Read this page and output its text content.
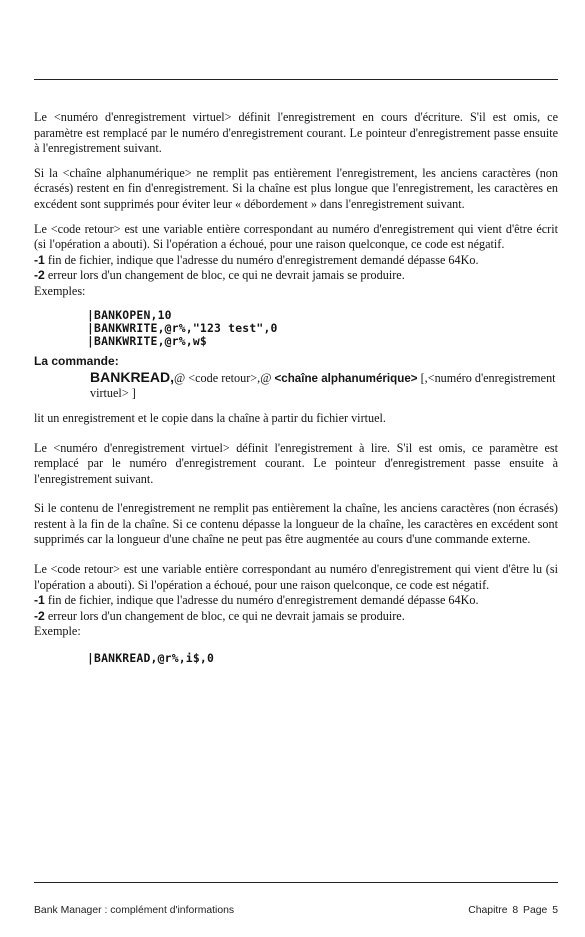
Le <numéro d'enregistrement virtuel> définit l'enregistrement en cours d'écriture. S'il est omis, ce paramètre est remplacé par le numéro d'enregistrement courant. Le pointeur d'enregistrement passe ensuite à l'enregistrement suivant.

Si la <chaîne alphanumérique> ne remplit pas entièrement l'enregistrement, les anciens caractères (non écrasés) restent en fin d'enregistrement. Si la chaîne est plus longue que l'enregistrement, les caractères en excédent sont supprimés pour éviter leur « débordement » dans l'enregistrement suivant.

Le <code retour> est une variable entière correspondant au numéro d'enregistrement qui vient d'être écrit (si l'opération a abouti). Si l'opération a échoué, pour une raison quelconque, ce code est négatif.

-1 fin de fichier, indique que l'adresse du numéro d'enregistrement demandé dépasse 64Ko.
-2 erreur lors d'un changement de bloc, ce qui ne devrait jamais se produire.

Exemples:

|BANKOPEN,10
|BANKWRITE,@r%,"123 test",0
|BANKWRITE,@r%,w$

La commande:

BANKREAD,@ <code retour>,@ <chaîne alphanumérique> [,<numéro d'enregistrement virtuel> ]

lit un enregistrement et le copie dans la chaîne à partir du fichier virtuel.

Le <numéro d'enregistrement virtuel> définit l'enregistrement à lire. S'il est omis, ce paramètre est remplacé par le numéro d'enregistrement courant. Le pointeur d'enregistrement passe ensuite à l'enregistrement suivant.

Si le contenu de l'enregistrement ne remplit pas entièrement la chaîne, les anciens caractères (non écrasés) restent à la fin de la chaîne. Si ce contenu dépasse la longueur de la chaîne, les caractères en excédent sont supprimés car la longueur d'une chaîne ne peut pas être augmentée au cours d'une commande externe.

Le <code retour> est une variable entière correspondant au numéro d'enregistrement qui vient d'être lu (si l'opération a abouti). Si l'opération a échoué, pour une raison quelconque, ce code est négatif.

-1 fin de fichier, indique que l'adresse du numéro d'enregistrement demandé dépasse 64Ko.
-2 erreur lors d'un changement de bloc, ce qui ne devrait jamais se produire.

Exemple:

|BANKREAD,@r%,i$,0
Bank Manager : complément d'informations	Chapitre 8 Page 5
